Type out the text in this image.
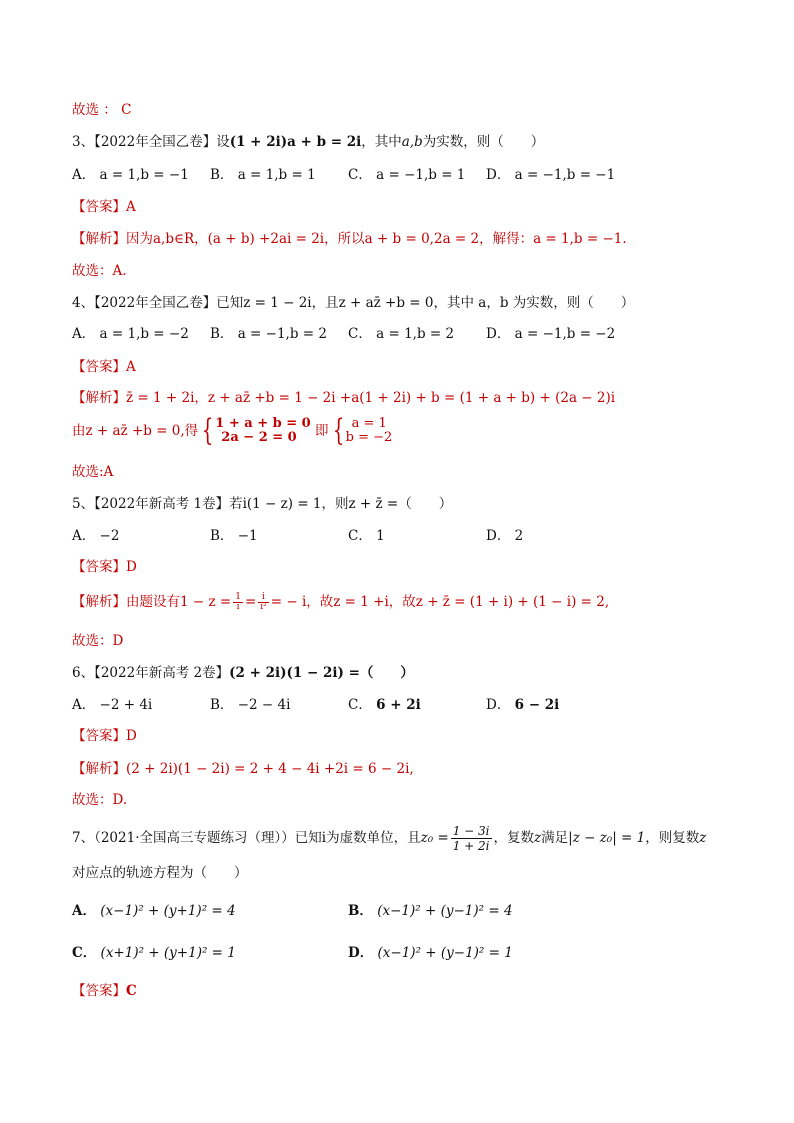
故选 ： C
3、【2022年全国乙卷】设(1 + 2i)a + b = 2i，其中a,b为实数，则（　　）
A． a = 1,b = −1 B． a = 1,b = 1 C． a = −1,b = 1 D． a = −1,b = −1
【答案】A
【解析】因为a,b∈R，(a + b) +2ai = 2i，所以a + b = 0,2a = 2，解得：a = 1,b = −1.
故选：A.
4、【2022年全国乙卷】已知z = 1 − 2i，且z + az̄ +b = 0，其中 a，b 为实数，则（　　）
A． a = 1,b = −2 B． a = −1,b = 2 C． a = 1,b = 2 D． a = −1,b = −2
【答案】A
【解析】z̄ = 1 + 2i，z + az̄ +b = 1 − 2i +a(1 + 2i) + b = (1 + a + b) + (2a − 2)i
由z + az̄ +b = 0,得 { 1 + a + b = 0
2a − 2 = 0	即 { a = 1
b = −2
故选:A
5、【2022年新高考 1卷】若i(1 − z) = 1，则z + z̄ =（　　）
A． −2	B． −1	C． 1	D． 2
【答案】D
【解析】由题设有$1 - z = \frac{1}{i} = \frac{i}{\text{i²}}$ = − i，故z = 1 +i，故z + z̄ = (1 + i) + (1 − i) = 2,
故选：D
6、【2022年新高考 2卷】(2 + 2i)(1 − 2i) =（　　）
A． −2 + 4i	B． −2 − 4i	C． 6 + 2i	D． 6 − 2i
【答案】D
【解析】(2 + 2i)(1 − 2i) = 2 + 4 − 4i +2i = 6 − 2i,
故选：D.
7、（2021·全国高三专题练习（理））已知i为虚数单位，且$z_0 = \frac{1 - 3i}{1 + 2i}$ ，复数z满足|z − z₀| = 1，则复数z
对应点的轨迹方程为（　　）
A． (x−1)² + (y+1)² = 4	B． (x−1)² + (y−1)² = 4
C． (x+1)² + (y+1)² = 1	D． (x−1)² + (y−1)² = 1
【答案】C
